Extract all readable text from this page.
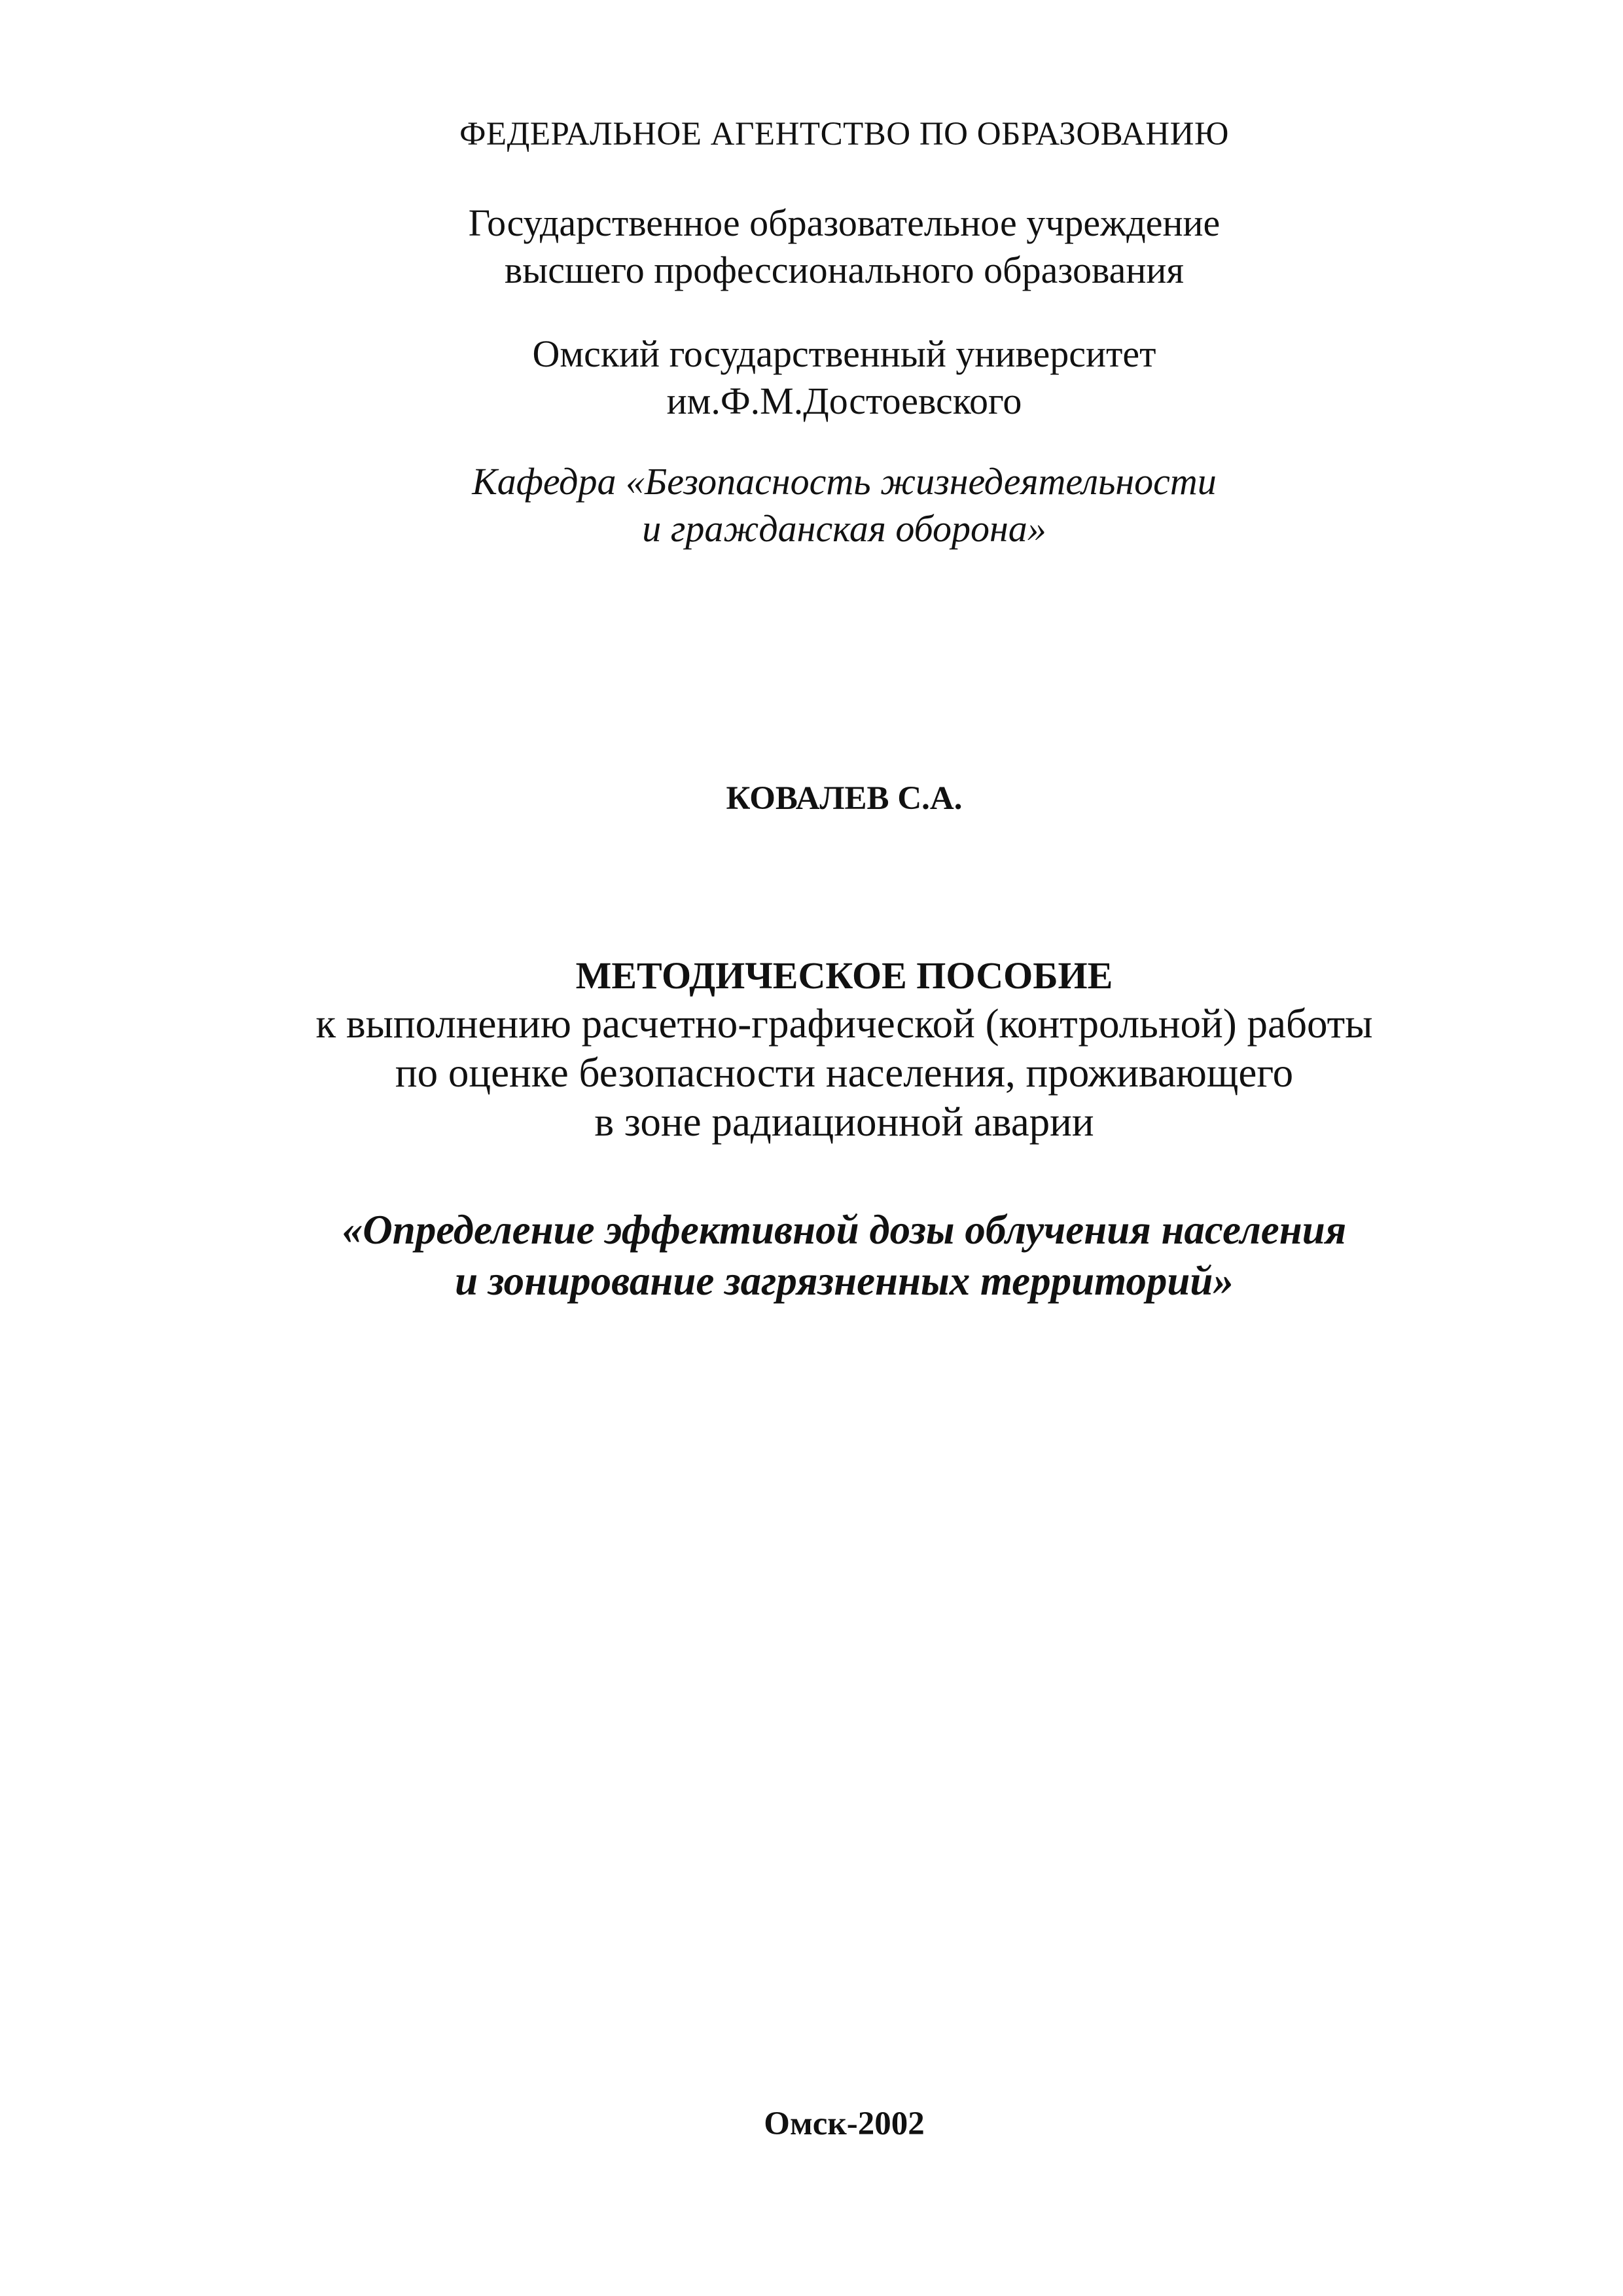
ФЕДЕРАЛЬНОЕ АГЕНТСТВО ПО ОБРАЗОВАНИЮ
Государственное образовательное учреждение
высшего профессионального образования
Омский государственный университет
им.Ф.М.Достоевского
Кафедра «Безопасность жизнедеятельности
и гражданская оборона»
КОВАЛЕВ С.А.
МЕТОДИЧЕСКОЕ ПОСОБИЕ
к выполнению расчетно-графической (контрольной) работы
по оценке безопасности населения, проживающего
в зоне радиационной аварии
«Определение эффективной дозы облучения населения
и зонирование загрязненных территорий»
Омск-2002
